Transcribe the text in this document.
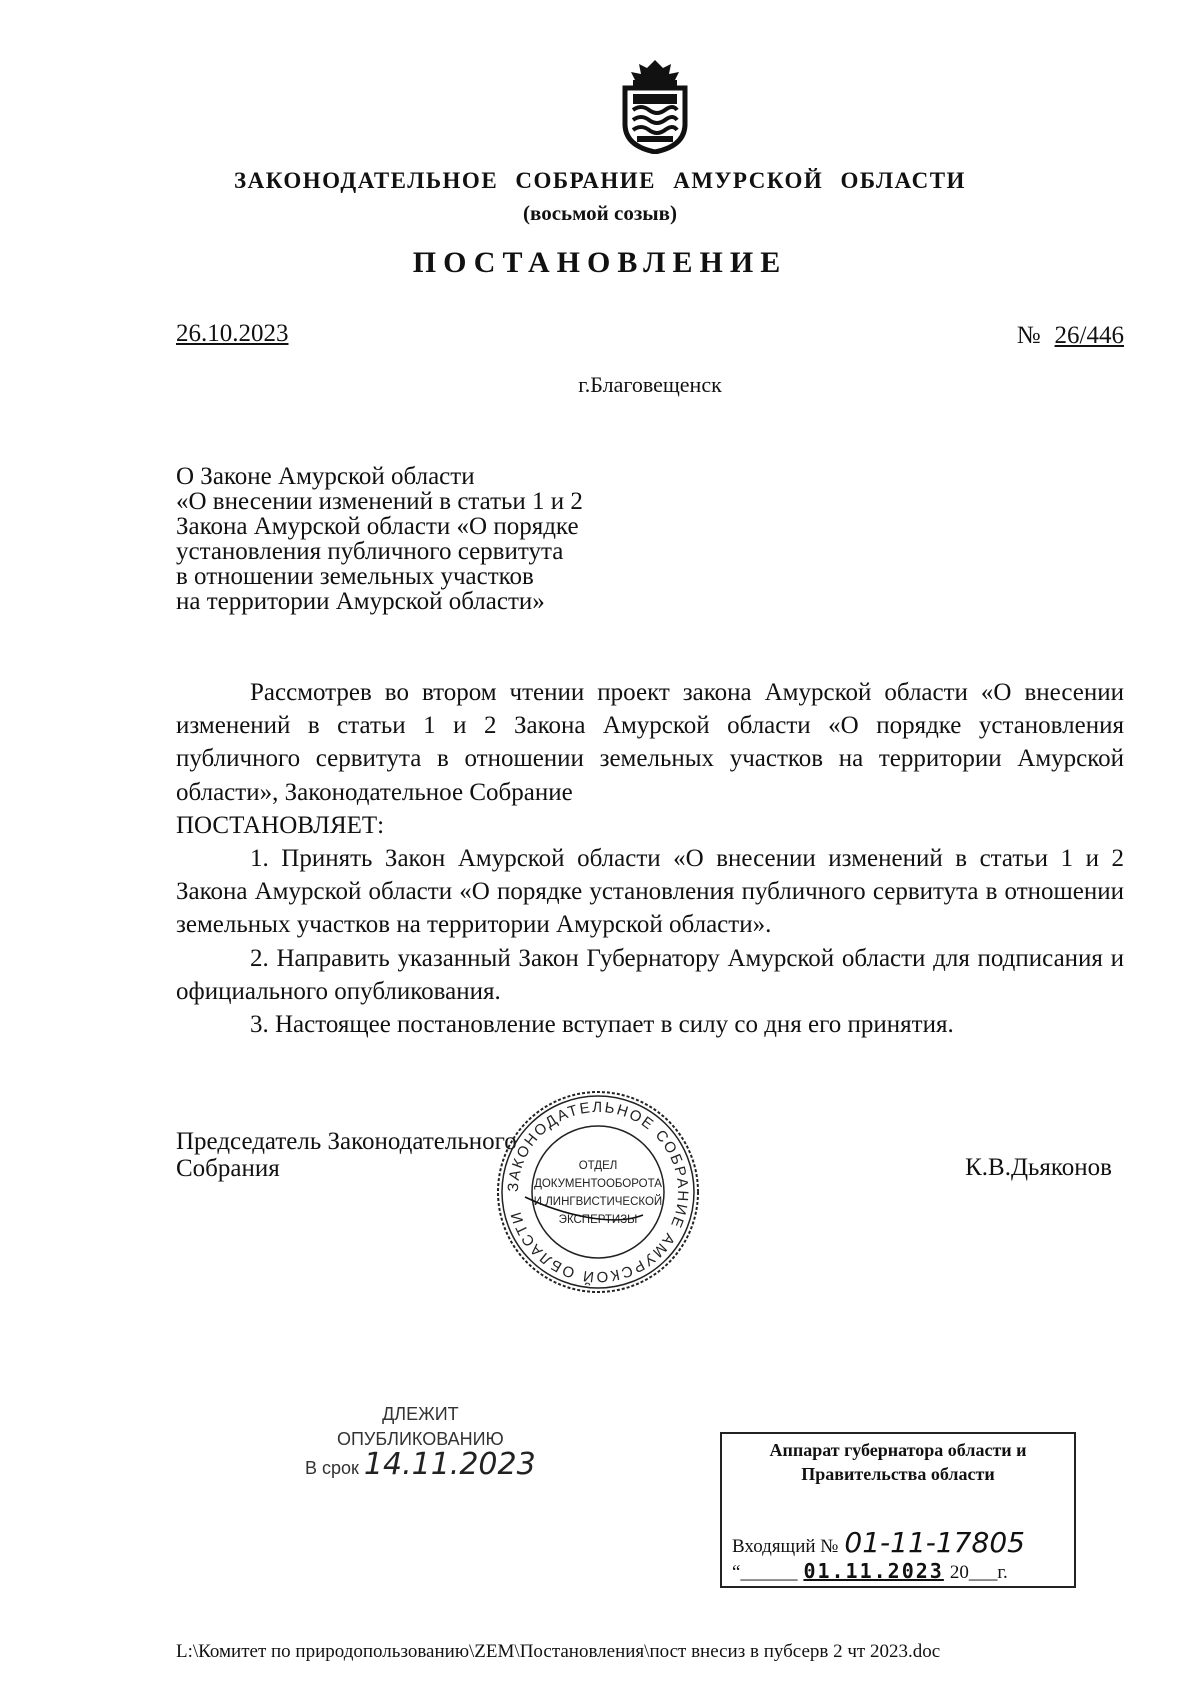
ЗАКОНОДАТЕЛЬНОЕ СОБРАНИЕ АМУРСКОЙ ОБЛАСТИ
(восьмой созыв)
ПОСТАНОВЛЕНИЕ
26.10.2023	№ 26/446
г.Благовещенск
О Законе Амурской области
«О внесении изменений в статьи 1 и 2
Закона Амурской области «О порядке
установления публичного сервитута
в отношении земельных участков
на территории Амурской области»

Рассмотрев во втором чтении проект закона Амурской области «О внесении изменений в статьи 1 и 2 Закона Амурской области «О порядке установления публичного сервитута в отношении земельных участков на территории Амурской области», Законодательное Собрание

ПОСТАНОВЛЯЕТ:

1. Принять Закон Амурской области «О внесении изменений в статьи 1 и 2 Закона Амурской области «О порядке установления публичного сервитута в отношении земельных участков на территории Амурской области».

2. Направить указанный Закон Губернатору Амурской области для подписания и официального опубликования.

3. Настоящее постановление вступает в силу со дня его принятия.

Председатель Законодательного
Собрания	К.В.Дьяконов
ЗАКОНОДАТЕЛЬНОЕ СОБРАНИЕ АМУРСКОЙ ОБЛАСТИ
ОТДЕЛ
ДОКУМЕНТООБОРОТА
И ЛИНГВИСТИЧЕСКОЙ
ЭКСПЕРТИЗЫ
ДЛЕЖИТ
ОПУБЛИКОВАНИЮ
В срок 14.11.2023	Аппарат губернатора области и
Правительства области
Входящий № 01-11-17805
“______ 01.11.2023 20___г.
L:\Комитет по природопользованию\ZEM\Постановления\пост внесиз в пубсерв 2 чт 2023.doc
